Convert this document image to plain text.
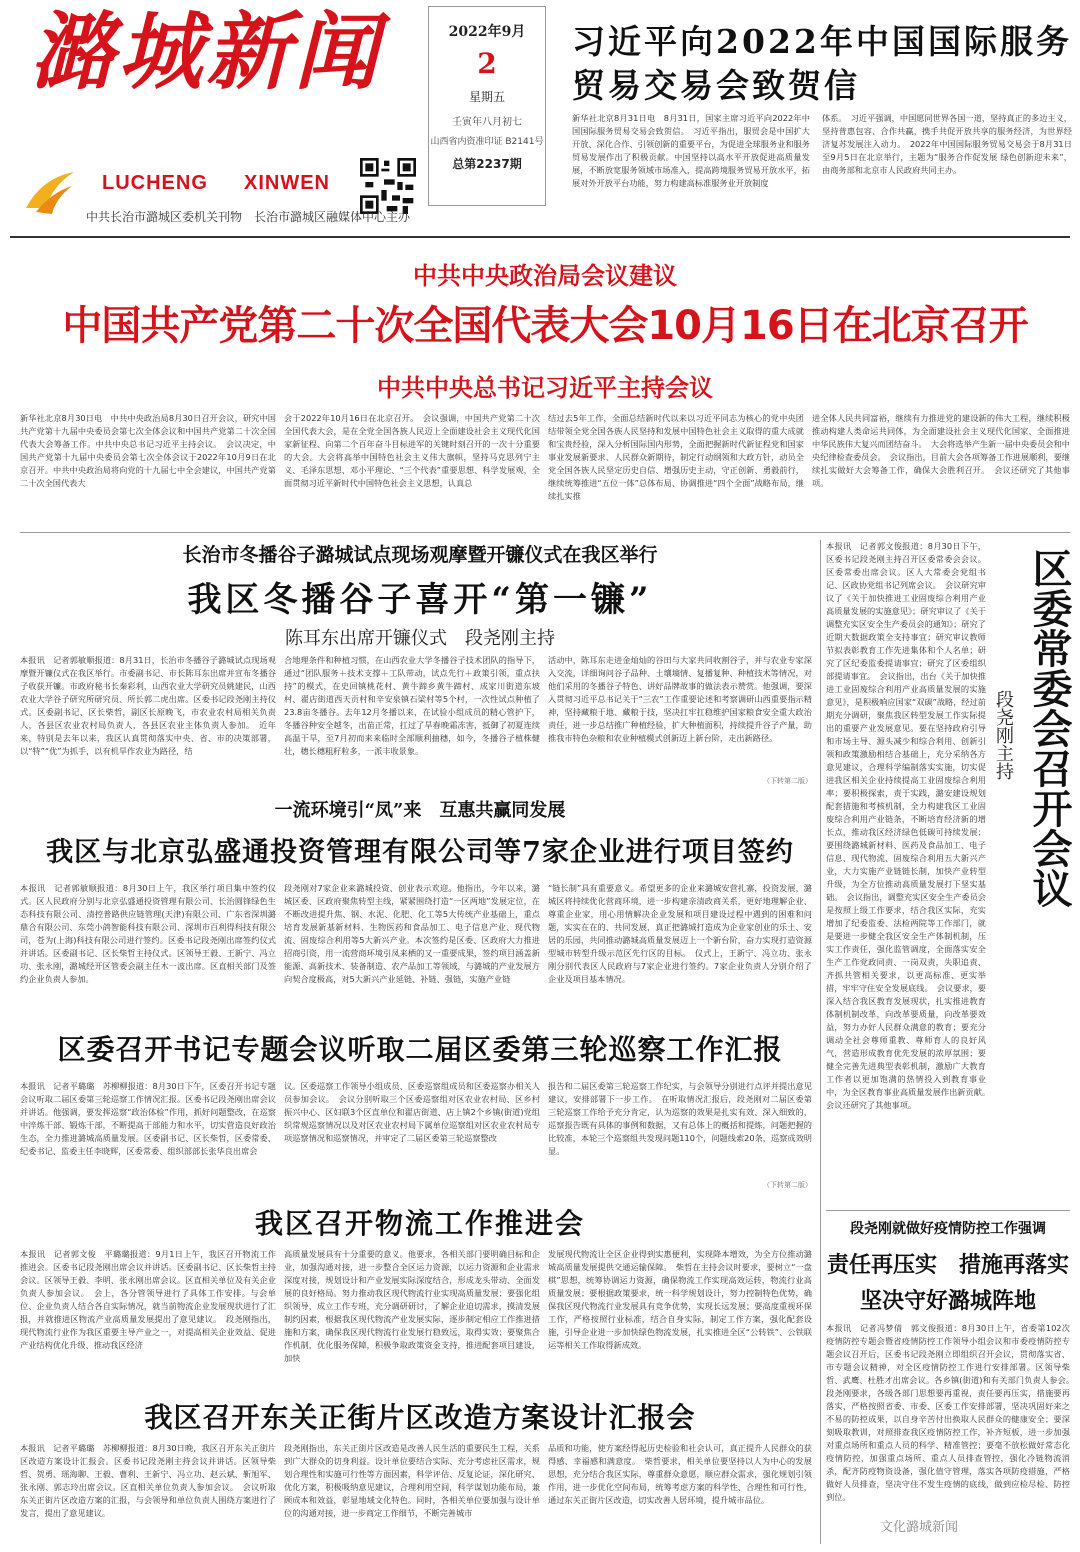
潞城新闻
LUCHENG XINWEN
中共长治市潞城区委机关刊物　长治市潞城区融媒体中心主办
2022年9月
2
星期五
壬寅年八月初七
山西省内资准印证 B2141号
总第2237期
习近平向2022年中国国际服务贸易交易会致贺信
新华社北京8月31日电　8月31日，国家主席习近平向2022年中国国际服务贸易交易会致贺信。　习近平指出，服贸会是中国扩大开放、深化合作、引领创新的重要平台，为促进全球服务业和服务贸易发展作出了积极贡献。中国坚持以高水平开放促进高质量发展，不断放宽服务领域市场准入，提高跨境服务贸易开放水平，拓展对外开放平台功能，努力构建高标准服务业开放制度
体系。　习近平强调，中国愿同世界各国一道，坚持真正的多边主义，坚持普惠包容、合作共赢，携手共促开放共享的服务经济，为世界经济复苏发展注入动力。　2022年中国国际服务贸易交易会于8月31日至9月5日在北京举行，主题为“服务合作促发展 绿色创新迎未来”，由商务部和北京市人民政府共同主办。
中共中央政治局会议建议
中国共产党第二十次全国代表大会10月16日在北京召开
中共中央总书记习近平主持会议
新华社北京8月30日电　中共中央政治局8月30日召开会议，研究中国共产党第十九届中央委员会第七次全体会议和中国共产党第二十次全国代表大会筹备工作。中共中央总书记习近平主持会议。　会议决定，中国共产党第十九届中央委员会第七次全体会议于2022年10月9日在北京召开。中共中央政治局将向党的十九届七中全会建议，中国共产党第二十次全国代表大
会于2022年10月16日在北京召开。　会议强调，中国共产党第二十次全国代表大会，是在全党全国各族人民迈上全面建设社会主义现代化国家新征程、向第二个百年奋斗目标进军的关键时刻召开的一次十分重要的大会。大会将高举中国特色社会主义伟大旗帜，坚持马克思列宁主义、毛泽东思想、邓小平理论、“三个代表”重要思想、科学发展观，全面贯彻习近平新时代中国特色社会主义思想，认真总
结过去5年工作，全面总结新时代以来以习近平同志为核心的党中央团结带领全党全国各族人民坚持和发展中国特色社会主义取得的重大成就和宝贵经验，深入分析国际国内形势，全面把握新时代新征程党和国家事业发展新要求、人民群众新期待，制定行动纲领和大政方针，动员全党全国各族人民坚定历史自信、增强历史主动，守正创新、勇毅前行，继续统筹推进“五位一体”总体布局、协调推进“四个全面”战略布局，继续扎实推
进全体人民共同富裕，继续有力推进党的建设新的伟大工程，继续积极推动构建人类命运共同体，为全面建设社会主义现代化国家、全面推进中华民族伟大复兴而团结奋斗。　大会将选举产生新一届中央委员会和中央纪律检查委员会。　会议指出，目前大会各项筹备工作进展顺利，要继续扎实做好大会筹备工作，确保大会胜利召开。　会议还研究了其他事项。
长治市冬播谷子潞城试点现场观摩暨开镰仪式在我区举行
我区冬播谷子喜开“第一镰”
陈耳东出席开镰仪式　段尧刚主持
本报讯　记者郭敏顺报道：8月31日，长治市冬播谷子潞城试点现场观摩暨开镰仪式在我区举行。市委副书记、市长陈耳东出席并宣布冬播谷子收获开镰。市政府秘书长秦彩利，山西农业大学研究员姚建民，山西农业大学谷子研究所研究员、所长郭二虎出席。区委书记段尧刚主持仪式。区委副书记、区长柴哲，副区长原晚飞，市农业农村局相关负责人，各县区农业农村局负责人，各县区农业主体负责人参加。　近年来，特别是去年以来，我区认真贯彻落实中央、省、市的决策部署，以“特”“优”为抓手，以有机旱作农业为路径，结
合地理条件和种植习惯，在山西农业大学冬播谷子技术团队的指导下，通过“团队服务＋技术支撑＋工队带动，试点先行＋政策引领，重点扶持”的模式，在史回镇桃花村、黄牛蹄乡黄牛蹄村、成家川街道东坡村、翟店街道西天贡村和辛安泉镇石梁村等5个村，一次性试点种植了23.8亩冬播谷。去年12月冬播以来，在试验小组成员的精心管护下，冬播谷种安全越冬，出苗正常，扛过了旱春晚霜冻害，抵御了初夏连续高温干旱，至7月初而来来临时全部顺利抽穗，如今，冬播谷子植株健壮，穗长穗粗籽粒多，一派丰收景象。
活动中，陈耳东走进金灿灿的谷田与大家共同收割谷子，并与农业专家深入交流，详细询问谷子品种、土壤墒情、复播复种、种植技术等情况，对他们采用的冬播谷子特色、讲好品牌故事的做法表示赞赏。他强调，要深入贯彻习近平总书记关于“三农”工作重要论述和考察调研山西重要指示精神，坚持藏粮于地、藏粮于技，坚决扛牢扛稳维护国家粮食安全重大政治责任，进一步总结推广种植经验，扩大种植面积，持续提升谷子产量，助推我市特色杂粮和农业种植模式创新迈上新台阶，走出新路径。
（下转第二版）
一流环境引“凤”来　互惠共赢同发展
我区与北京弘盛通投资管理有限公司等7家企业进行项目签约
本报讯　记者郭敏顺报道：8月30日上午，我区举行项目集中签约仪式。区人民政府分别与北京弘盛通投资管理有限公司、长治圆锋绿色生态科技有限公司、清控普路供应链管理(天津)有限公司、广东省深圳潞鼎合有限公司、东莞小鸽智能科技有限公司、深圳市百利得科技有限公司，苍为(上海)科技有限公司进行签约。区委书记段尧刚出席签约仪式并讲话。区委副书记、区长柴哲主持仪式。区领导王毅、王新宁、冯立功、张永刚，潞城经开区管委会副主任木一波出席。区直相关部门及签约企业负责人参加。
段尧刚对7家企业来潞城投资、创业表示欢迎。他指出，今年以来，潞城区委、区政府聚焦转型主线，紧紧围绕打造“一区两地”发展定位，在不断改进提升焦、钢、水泥、化肥、化工等5大传统产业基础上，重点培育发展新基新材料、生物医药和食品加工、电子信息产业、现代物流、固废综合利用等5大新兴产业。本次签约是区委、区政府大力推进招商引资，用一流营商环境引凤来栖的又一重要成果，签约项目涵盖新能源、高新技术、装备制造、农产品加工等领域，与潞城的产业发展方向契合度极高，对5大新兴产业延链、补链、强链，实施产业链
“链长制”具有重要意义。希望更多的企业来潞城安营扎寨，投资发展，潞城区将持续优化营商环境，进一步构建亲清政商关系，更好地理解企业、尊重企业家，用心用情解决企业发展和项目建设过程中遇到的困难和问题，实实在在的、共同发展，真正把潞城打造成为企业家创业的乐土、安居的乐园，共同推动潞城高质量发展迈上一个新台阶，奋力实现打造资源型城市转型升级示范区先行区的目标。　仪式上，王新宁、冯立功、张永刚分别代表区人民政府与7家企业进行签约。7家企业负责人分别介绍了企业及项目基本情况。
区委召开书记专题会议听取二届区委第三轮巡察工作汇报
本报讯　记者平璐璐　苏柳柳报道：8月30日下午，区委召开书记专题会议听取二届区委第三轮巡察工作情况汇报。区委书记段尧刚出席会议并讲话。他强调，要发挥巡察“政治体检”作用，抓好问题整改，在巡察中淬炼干部、锻炼干部，不断提高干部能力和水平，切实营造良好政治生态，全力推进潞城高质量发展。区委副书记、区长柴哲，区委常委、纪委书记、监委主任李晓辉，区委常委、组织部部长张华良出席会
议。区委巡察工作领导小组成员、区委巡察组成员和区委巡察办相关人员参加会议。　会议分别听取三个区委巡察组对区农业农村局、区乡村振兴中心、区妇联3个区直单位和翟店街道、店上镇2个乡镇(街道)党组织常规巡察情况以及对区农业农村局下属单位巡察组对区农业农村局专项巡察情况和巡察情况，并审定了二届区委第三轮巡察整改
报告和二届区委第三轮巡察工作纪实，与会领导分别进行点评并提出意见建议，安排部署下一步工作。　在听取情况汇报后，段尧刚对二届区委第三轮巡察工作给予充分肯定，认为巡察的效果是扎实有效、深入细致的，巡察报告既有具体的事例和数据，又有总体上的概括和提炼，问题把握的比较准，本轮三个巡察组共发现问题110个，问题线索20条，巡察成效明显。
（下转第二版）
我区召开物流工作推进会
本报讯　记者郭文俊　平璐璐报道：9月1日上午，我区召开物流工作推进会。区委书记段尧刚出席会议并讲话。区委副书记、区长柴哲主持会议。区领导王毅、李明、张永刚出席会议。区直相关单位及有关企业负责人参加会议。　会上，各分管领导进行了具体工作安排。与会单位、企业负责人结合各自实际情况，就当前物流企业发展现状进行了汇报，并就推进区物流产业高质量发展提出了意见建议。　段尧刚指出，现代物流行业作为我区重要主导产业之一，对提高相关企业效益、促进产业结构优化升级、推动我区经济
高质量发展具有十分重要的意义。他要求，各相关部门要明确目标和企业，加强沟通对接，进一步整合全区运力资源，以运力资源和企业需求深度对接，规划设计和产业发展实际深度结合，形成龙头带动、全面发展的良好格局。努力推动我区现代物流行业实现高质量发展；要强化组织领导，成立工作专班，充分调研研讨，了解企业迫切需求，摸清发展制约因素，根据我区现代物流产业发展实际，逐步制定相应工作推进措施和方案，确保我区现代物流行业发展行稳致远，取得实效；要聚焦合作机制，优化服务保障，积极争取政策资金支持，推进配套项目建设，加快
发展现代物流让全区企业得到实惠便利，实现降本增效，为全方位推动潞城高质量发展提供交通运输保障。　柴哲在主持会议时要求，要树立“一盘棋”思想，统筹协调运力资源，确保物流工作实现高效运转，物流行业高质量发展；要根据政策要求，统一科学规划设计，努力控制特色优势，确保我区现代物流行业发展具有竞争优势，实现长远发展；要高度重视环保工作，严格按照行业标准，结合自身实际，制定工作方案，强化配套设施，引导企业进一步加快绿色物流发展，扎实推进全区“公转铁”、公铁联运等相关工作取得新成效。
我区召开东关正街片区改造方案设计汇报会
本报讯　记者平璐璐　苏柳柳报道：8月30日晚，我区召开东关正街片区改造方案设计汇报会。区委书记段尧刚主持会议并讲话。区领导柴哲、贺勇、瑶海聊、王毅、曹利、王新宁、冯立功、赵云斌、靳旭军、张永刚、郭志玲出席会议。区直相关单位负责人参加会议。　会议听取东关正街片区改造方案的汇报，与会领导和单位负责人围绕方案进行了发言，提出了意见建议。
段尧刚指出，东关正街片区改造是改善人民生活的重要民生工程，关系到广大群众的切身利益。设计单位要结合实际、充分考虑社区需求，规划合理性和实施可行性等方面因素，科学评估、反复论证，深化研究、优化方案，积极吸纳意见建议，合理利用空间，科学谋划功能布局，兼顾成本和效益，彰显地域文化特色。同时，各相关单位要加强与设计单位的沟通对接，进一步商定工作细节，不断完善城市
品质和功能，使方案经得起历史检验和社会认可，真正提升人民群众的获得感、幸福感和满意度。　柴哲要求，相关单位要坚持以人为中心的发展思想，充分结合我区实际，尊重群众意愿，顺应群众需求，强化规划引领作用，进一步优化空间布局，统筹考虑方案的科学性、合理性和可行性，通过东关正街片区改造，切实改善人居环境，提升城市品位。
本报讯　记者郭文俊报道：8月30日下午，区委书记段尧刚主持召开区委常委会会议。区委常委出席会议。区人大常委会党组书记、区政协党组书记列席会议。　会议研究审议了《关于加快推进工业固废综合利用产业高质量发展的实施意见》；研究审议了《关于调整充实区安全生产委员会的通知》；研究了近期大数据政策全支持事宜；研究审议教师节拟表彰教育工作先进集体和个人名单；研究了区纪委监委提请事宜；研究了区委组织部提请事宜。　会议指出，出台《关于加快推进工业固废综合利用产业高质量发展的实施意见》，是积极响应国家“双碳”战略，经过前期充分调研，聚焦我区转型发展工作实际提出的重要产业发展意见。要在坚持政府引导和市场主导、源头减少和综合利用、创新引领和政策激励相结合基础上，充分采纳各方意见建议，合理科学编制落实实施，切实促进我区相关企业持续提高工业固废综合利用率；要积极探索，责于实践，潞安建设规划配套措施和考核机制，全力构建我区工业固废综合利用产业链条，不断培育经济新的增长点，推动我区经济绿色低碳可持续发展；要围绕潞城新材料、医药及食品加工、电子信息、现代物流、固废综合利用五大新兴产业，大力实施产业链链长制，加快产业转型升级，为全方位推动高质量发展打下坚实基础。　会议指出，调整充实区安全生产委员会是按照上级工作要求，结合我区实际，充实增加了纪委监委、法检两院等工作部门，就是要进一步健全我区安全生产体制机制，压实工作责任，强化监管调度，全面落实安全生产工作党政同责、一岗双责，失职追责、齐抓共管相关要求，以更高标准、更实举措，牢牢守住安全发展底线。　会议要求，要深入结合我区教育发展现状，扎实推进教育体制机制改革，向改革要质量，向改革要效益，努力办好人民群众满意的教育；要充分调动全社会尊师重教、尊师育人的良好风气，营造形成教育优先发展的浓厚氛围；要健全完善先进典型表彰机制，激励广大教育工作者以更加饱满的热情投入到教育事业中，为全区教育事业高质量发展作出新贡献。　会议还研究了其他事项。
区委常委会召开会议
段尧刚主持
段尧刚就做好疫情防控工作强调
责任再压实　措施再落实
坚决守好潞城阵地
本报讯　记者冯梦倩　郭文俊报道：8月30日上午，省委第102次疫情防控专题会暨省疫情防控工作领导小组会议和市委疫情防控专题会议召开后，区委书记段尧刚立即组织召开会议，贯彻落实省、市专题会议精神，对全区疫情防控工作进行安排部署。区领导柴哲、武鹰、杜胜才出席会议。各乡镇(街道)和有关部门负责人参会。　段尧刚要求，各级各部门思想要再重视，责任要再压实，措施要再落实，严格按照省委、市委、区委工作安排部署，坚决巩固好来之不易的防控成果，以自身辛苦付出换取人民群众的健康安全；要深刻吸取教训，对照排查我区疫情防控工作，补齐短板，进一步加强对重点场所和重点人员的科学、精准管控；要毫不放松做好常态化疫情防控，加强重点场所、重点人员排查管控，强化冷链物流消杀，配齐防疫物资设备，强化值守管理，落实各项防疫措施，严格做好人员排查，坚决守住不发生疫情的底线，做到应检尽检、防控到位。
文化潞城新闻
